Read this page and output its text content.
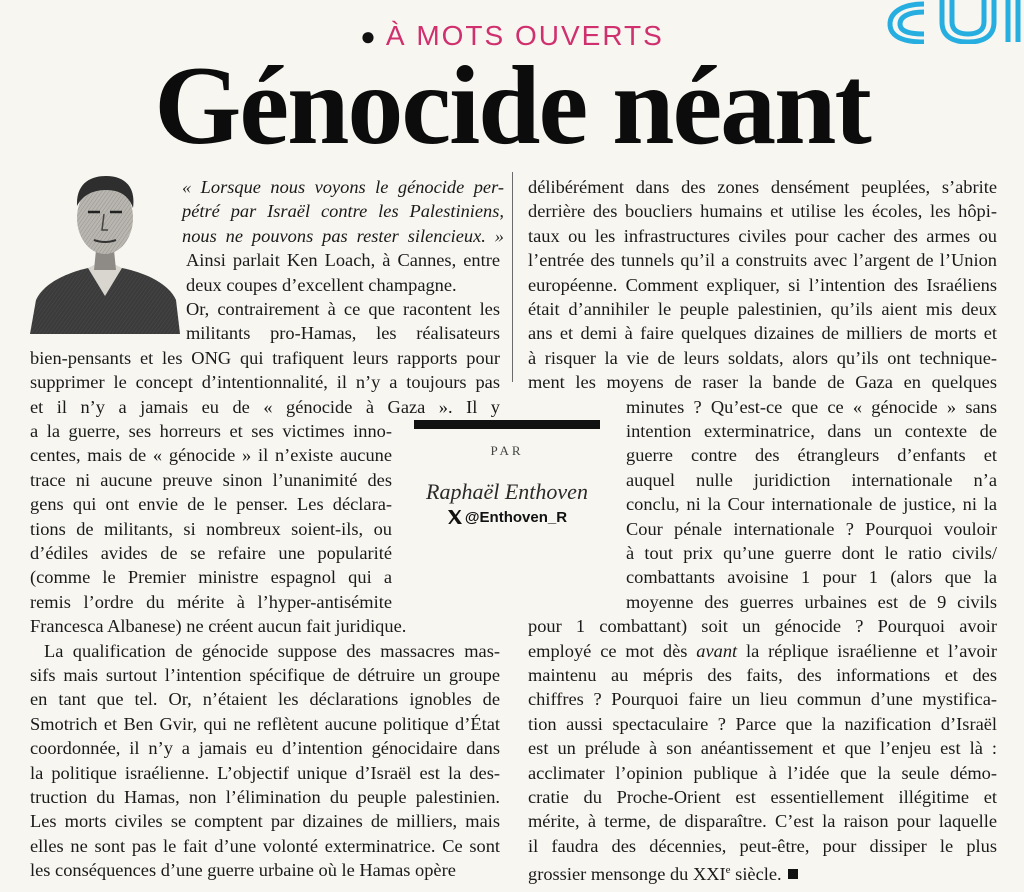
● À MOTS OUVERTS
Génocide néant
PAR
Raphaël Enthoven
@Enthoven_R
« Lorsque nous voyons le génocide per-
pétré par Israël contre les Palestiniens,
nous ne pouvons pas rester silencieux. »
Ainsi parlait Ken Loach, à Cannes, entre
deux coupes d’excellent champagne.
Or, contrairement à ce que racontent les
militants pro-Hamas, les réalisateurs
bien-pensants et les ONG qui trafiquent leurs rapports pour
supprimer le concept d’intentionnalité, il n’y a toujours pas
et il n’y a jamais eu de « génocide à Gaza ». Il y
a la guerre, ses horreurs et ses victimes inno-
centes, mais de « génocide » il n’existe aucune
trace ni aucune preuve sinon l’unanimité des
gens qui ont envie de le penser. Les déclara-
tions de militants, si nombreux soient-ils, ou
d’édiles avides de se refaire une popularité
(comme le Premier ministre espagnol qui a
remis l’ordre du mérite à l’hyper-antisémite
Francesca Albanese) ne créent aucun fait juridique.
La qualification de génocide suppose des massacres mas-
sifs mais surtout l’intention spécifique de détruire un groupe
en tant que tel. Or, n’étaient les déclarations ignobles de
Smotrich et Ben Gvir, qui ne reflètent aucune politique d’État
coordonnée, il n’y a jamais eu d’intention génocidaire dans
la politique israélienne. L’objectif unique d’Israël est la des-
truction du Hamas, non l’élimination du peuple palestinien.
Les morts civiles se comptent par dizaines de milliers, mais
elles ne sont pas le fait d’une volonté exterminatrice. Ce sont
les conséquences d’une guerre urbaine où le Hamas opère
délibérément dans des zones densément peuplées, s’abrite
derrière des boucliers humains et utilise les écoles, les hôpi-
taux ou les infrastructures civiles pour cacher des armes ou
l’entrée des tunnels qu’il a construits avec l’argent de l’Union
européenne. Comment expliquer, si l’intention des Israéliens
était d’annihiler le peuple palestinien, qu’ils aient mis deux
ans et demi à faire quelques dizaines de milliers de morts et
à risquer la vie de leurs soldats, alors qu’ils ont technique-
ment les moyens de raser la bande de Gaza en quelques
minutes ? Qu’est-ce que ce « génocide » sans
intention exterminatrice, dans un contexte de
guerre contre des étrangleurs d’enfants et
auquel nulle juridiction internationale n’a
conclu, ni la Cour internationale de justice, ni la
Cour pénale internationale ? Pourquoi vouloir
à tout prix qu’une guerre dont le ratio civils/
combattants avoisine 1 pour 1 (alors que la
moyenne des guerres urbaines est de 9 civils
pour 1 combattant) soit un génocide ? Pourquoi avoir
employé ce mot dès avant la réplique israélienne et l’avoir
maintenu au mépris des faits, des informations et des
chiffres ? Pourquoi faire un lieu commun d’une mystifica-
tion aussi spectaculaire ? Parce que la nazification d’Israël
est un prélude à son anéantissement et que l’enjeu est là :
acclimater l’opinion publique à l’idée que la seule démo-
cratie du Proche-Orient est essentiellement illégitime et
mérite, à terme, de disparaître. C’est la raison pour laquelle
il faudra des décennies, peut-être, pour dissiper le plus
grossier mensonge du XXIe siècle.
